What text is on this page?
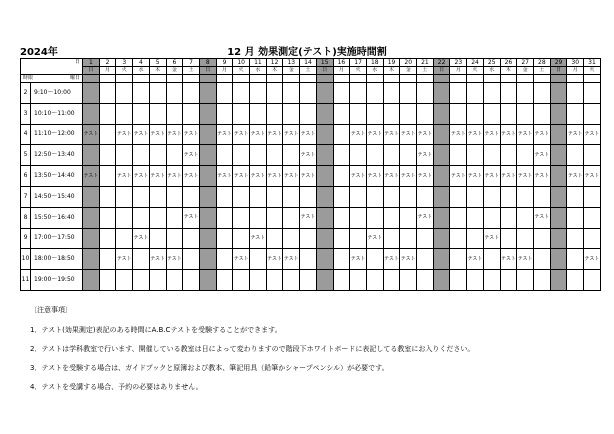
2024年	12 月 効果測定(テスト)実施時間割
日		1	2	3	4	5	6	7	8	9	10	11	12	13	14	15	16	17	18	19	20	21	22	23	24	25	26	27	28	29	30	31
		日	月	火	水	木	金	土	日	月	火	水	木	金	土	日	月	火	水	木	金	土	日	月	火	水	木	金	土	日	月	火

曜日
時限																																

2	9:10～10:00																															
3	10:10～11:00																															
4	11:10～12:00	テスト		テスト	テスト	テスト	テスト	テスト		テスト	テスト	テスト	テスト	テスト	テスト			テスト	テスト	テスト	テスト	テスト		テスト	テスト	テスト	テスト	テスト	テスト		テスト	テスト
5	12:50～13:40							テスト							テスト							テスト							テスト			
6	13:50～14:40	テスト		テスト	テスト	テスト	テスト	テスト		テスト	テスト	テスト	テスト	テスト	テスト			テスト	テスト	テスト	テスト	テスト		テスト	テスト	テスト	テスト	テスト	テスト		テスト	テスト
7	14:50～15:40																															
8	15:50～16:40							テスト							テスト							テスト							テスト			
9	17:00～17:50				テスト							テスト							テスト							テスト						
10	18:00～18:50			テスト		テスト	テスト				テスト		テスト	テスト				テスト		テスト	テスト				テスト		テスト	テスト				テスト
11	19:00～19:50																															
〔注意事項〕
1．テスト(効果測定)表記のある時間にA.B.Cテストを受験することができます。
2．テストは学科教室で行います、開催している教室は日によって変わりますので階段下ホワイトボードに表記してる教室にお入りください。
3．テストを受験する場合は、ガイドブックと原簿および教本、筆記用具（鉛筆かシャープペンシル）が必要です。
4．テストを受講する場合、予約の必要はありません。
